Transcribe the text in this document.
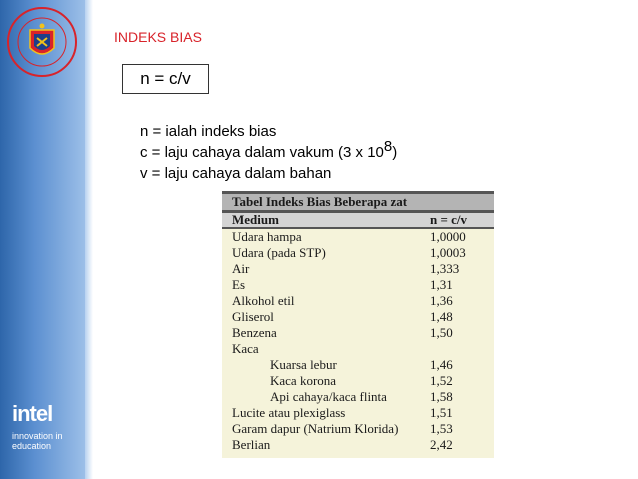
intel
innovation in
education
INDEKS BIAS
n = c/v
n = ialah indeks bias
c = laju cahaya dalam vakum (3 x 108)
v = laju cahaya dalam bahan
Tabel Indeks Bias Beberapa zat
Medium	n = c/v
Udara hampa	1,0000
Udara (pada STP)	1,0003
Air	1,333
Es	1,31
Alkohol etil	1,36
Gliserol	1,48
Benzena	1,50
Kaca
Kuarsa lebur	1,46
Kaca korona	1,52
Api cahaya/kaca flinta	1,58
Lucite atau plexiglass	1,51
Garam dapur (Natrium Klorida) 1,53
Berlian	2,42
